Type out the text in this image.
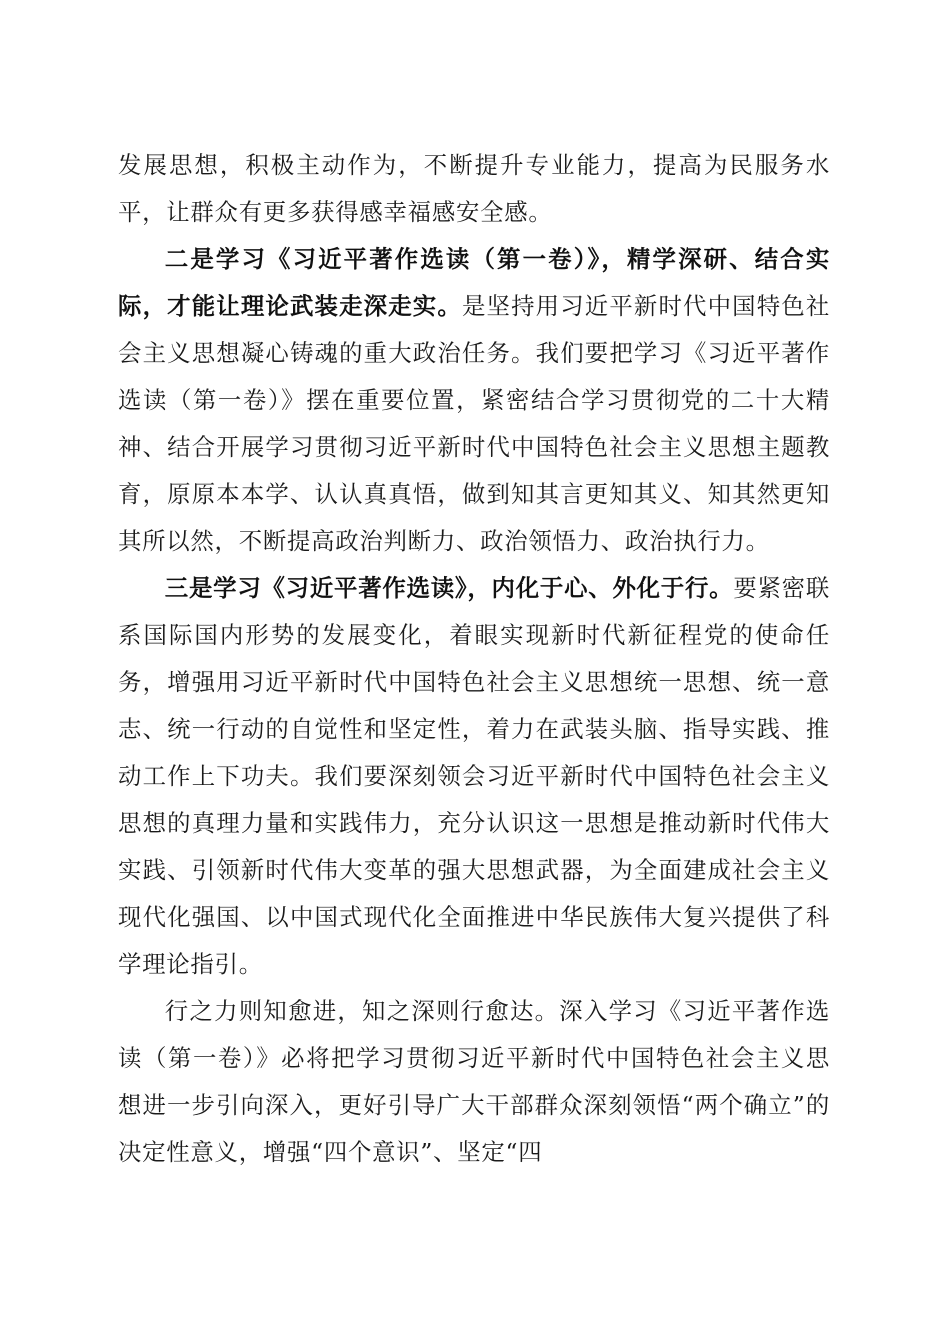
发展思想，积极主动作为，不断提升专业能力，提高为民服务水平，让群众有更多获得感幸福感安全感。

二是学习《习近平著作选读（第一卷）》，精学深研、结合实际，才能让理论武装走深走实。是坚持用习近平新时代中国特色社会主义思想凝心铸魂的重大政治任务。我们要把学习《习近平著作选读（第一卷）》摆在重要位置，紧密结合学习贯彻党的二十大精神、结合开展学习贯彻习近平新时代中国特色社会主义思想主题教育，原原本本学、认认真真悟，做到知其言更知其义、知其然更知其所以然，不断提高政治判断力、政治领悟力、政治执行力。

三是学习《习近平著作选读》，内化于心、外化于行。要紧密联系国际国内形势的发展变化，着眼实现新时代新征程党的使命任务，增强用习近平新时代中国特色社会主义思想统一思想、统一意志、统一行动的自觉性和坚定性，着力在武装头脑、指导实践、推动工作上下功夫。我们要深刻领会习近平新时代中国特色社会主义思想的真理力量和实践伟力，充分认识这一思想是推动新时代伟大实践、引领新时代伟大变革的强大思想武器，为全面建成社会主义现代化强国、以中国式现代化全面推进中华民族伟大复兴提供了科学理论指引。

行之力则知愈进，知之深则行愈达。深入学习《习近平著作选读（第一卷）》必将把学习贯彻习近平新时代中国特色社会主义思想进一步引向深入，更好引导广大干部群众深刻领悟“两个确立”的决定性意义，增强“四个意识”、坚定“四
